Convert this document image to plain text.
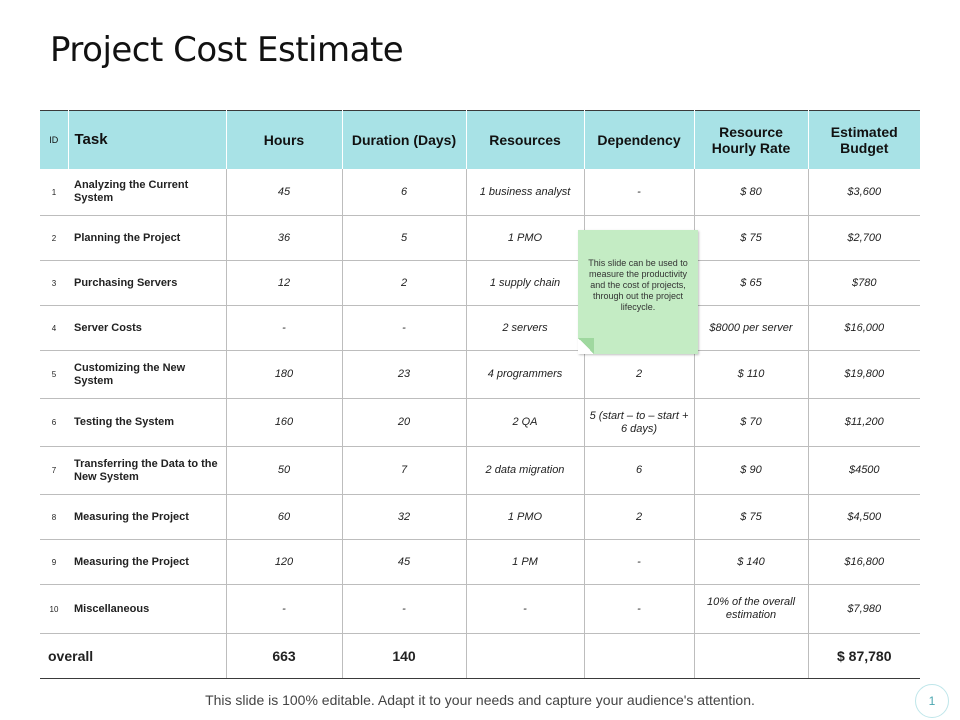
Project Cost Estimate
ID	Task	Hours	Duration (Days)	Resources	Dependency	Resource Hourly Rate	Estimated Budget
1	Analyzing the Current System	45	6	1 business analyst	-	$ 80	$3,600
2	Planning the Project	36	5	1 PMO		$ 75	$2,700
3	Purchasing Servers	12	2	1 supply chain		$ 65	$780
4	Server Costs	-	-	2 servers		$8000 per server	$16,000
5	Customizing the New System	180	23	4 programmers	2	$ 110	$19,800
6	Testing the System	160	20	2 QA	5 (start – to – start + 6 days)	$ 70	$11,200
7	Transferring the Data to the New System	50	7	2 data migration	6	$ 90	$4500
8	Measuring the Project	60	32	1 PMO	2	$ 75	$4,500
9	Measuring the Project	120	45	1 PM	-	$ 140	$16,800
10	Miscellaneous	-	-	-	-	10% of the overall estimation	$7,980
overall		663	140				$ 87,780
This slide can be used to measure the productivity and the cost of projects, through out the project lifecycle.
This slide is 100% editable. Adapt it to your needs and capture your audience's attention.	1
